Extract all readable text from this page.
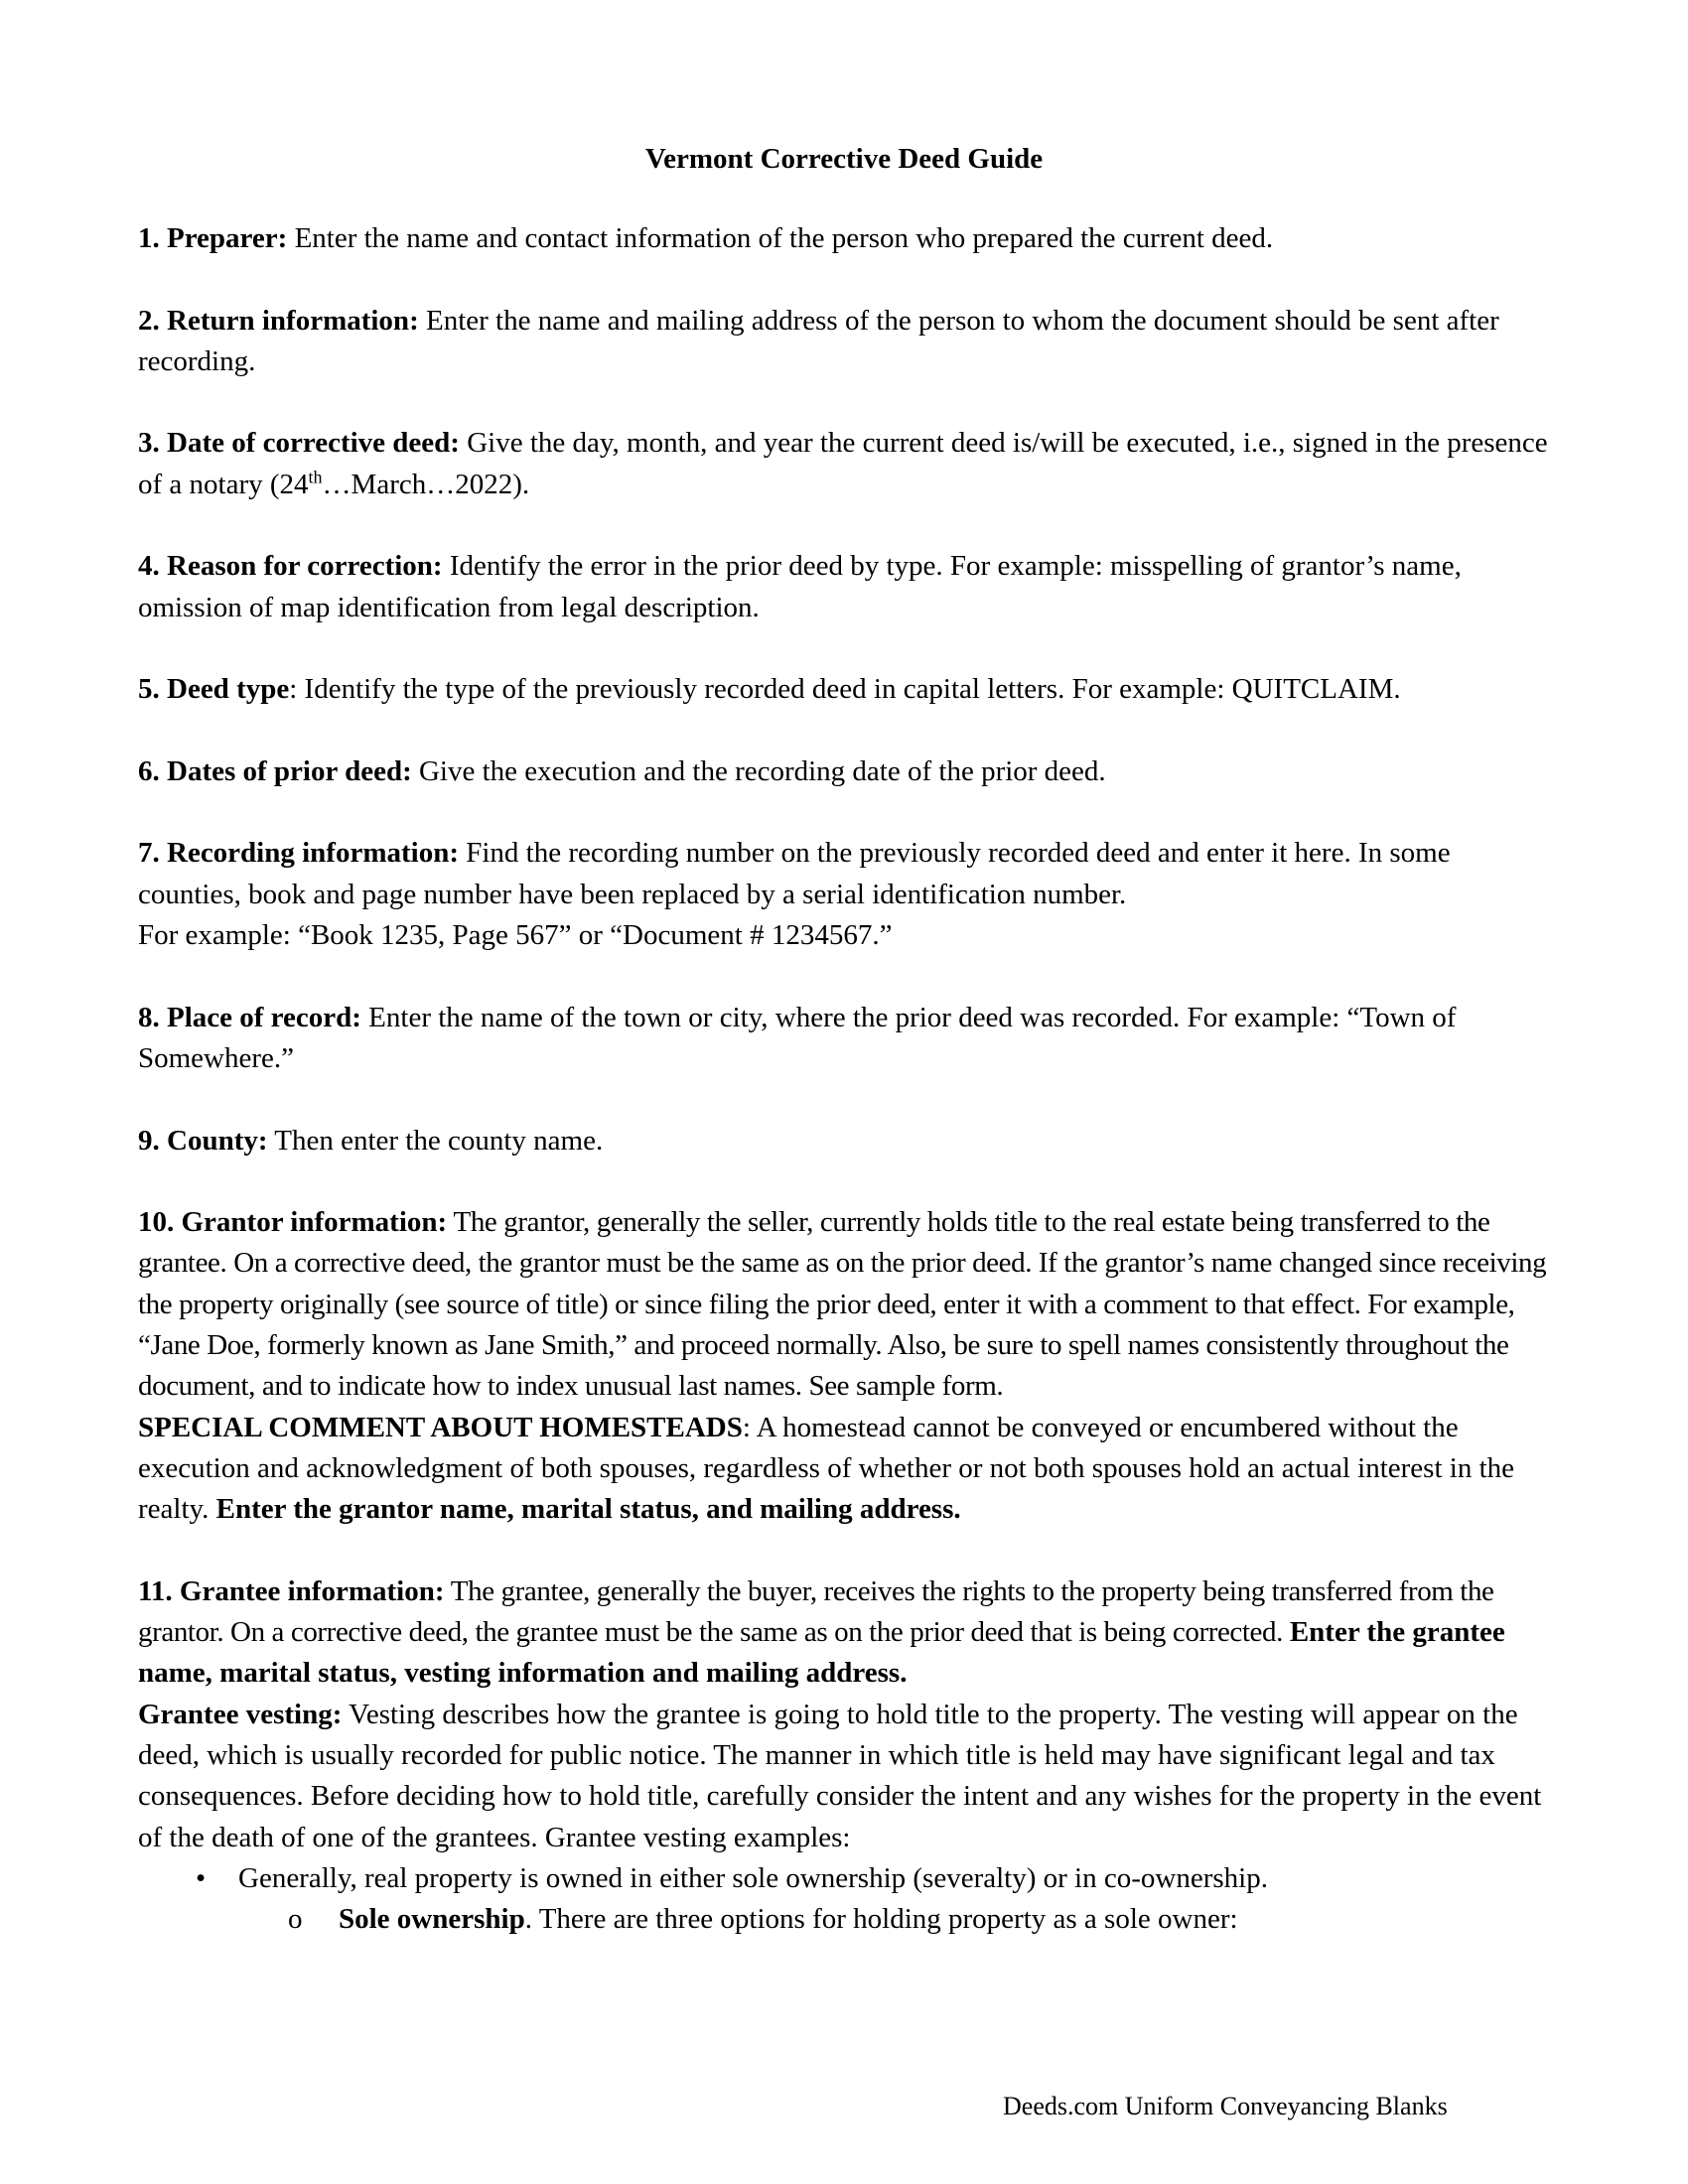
Vermont Corrective Deed Guide

1. Preparer: Enter the name and contact information of the person who prepared the current deed.

2. Return information: Enter the name and mailing address of the person to whom the document should be sent after recording.

3. Date of corrective deed: Give the day, month, and year the current deed is/will be executed, i.e., signed in the presence of a notary (24th…March…2022).

4. Reason for correction: Identify the error in the prior deed by type. For example: misspelling of grantor’s name, omission of map identification from legal description.

5. Deed type: Identify the type of the previously recorded deed in capital letters. For example: QUITCLAIM.

6. Dates of prior deed: Give the execution and the recording date of the prior deed.

7. Recording information: Find the recording number on the previously recorded deed and enter it here. In some counties, book and page number have been replaced by a serial identification number.
For example: “Book 1235, Page 567” or “Document # 1234567.”

8. Place of record: Enter the name of the town or city, where the prior deed was recorded. For example: “Town of Somewhere.”

9. County: Then enter the county name.

10. Grantor information: The grantor, generally the seller, currently holds title to the real estate being transferred to the grantee. On a corrective deed, the grantor must be the same as on the prior deed. If the grantor’s name changed since receiving the property originally (see source of title) or since filing the prior deed, enter it with a comment to that effect. For example, “Jane Doe, formerly known as Jane Smith,” and proceed normally. Also, be sure to spell names consistently throughout the document, and to indicate how to index unusual last names. See sample form.
SPECIAL COMMENT ABOUT HOMESTEADS: A homestead cannot be conveyed or encumbered without the execution and acknowledgment of both spouses, regardless of whether or not both spouses hold an actual interest in the realty. Enter the grantor name, marital status, and mailing address.

11. Grantee information: The grantee, generally the buyer, receives the rights to the property being transferred from the grantor. On a corrective deed, the grantee must be the same as on the prior deed that is being corrected. Enter the grantee name, marital status, vesting information and mailing address.
Grantee vesting: Vesting describes how the grantee is going to hold title to the property. The vesting will appear on the deed, which is usually recorded for public notice. The manner in which title is held may have significant legal and tax consequences. Before deciding how to hold title, carefully consider the intent and any wishes for the property in the event of the death of one of the grantees. Grantee vesting examples:

• Generally, real property is owned in either sole ownership (severalty) or in co-ownership.

o Sole ownership. There are three options for holding property as a sole owner:

Deeds.com Uniform Conveyancing Blanks
